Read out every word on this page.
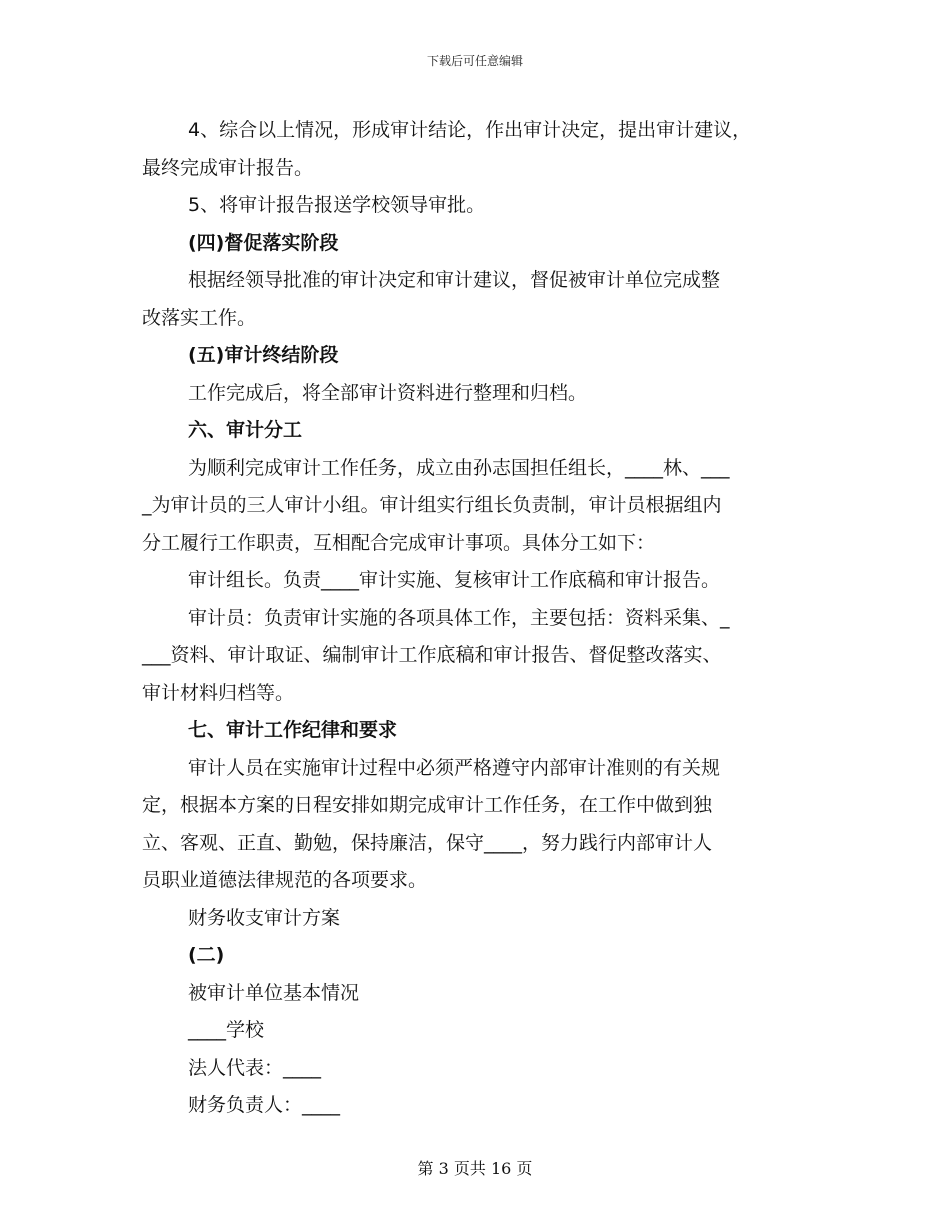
下载后可任意编辑
4、综合以上情况，形成审计结论，作出审计决定，提出审计建议，
最终完成审计报告。
5、将审计报告报送学校领导审批。
(四)督促落实阶段
根据经领导批准的审计决定和审计建议，督促被审计单位完成整
改落实工作。
(五)审计终结阶段
工作完成后，将全部审计资料进行整理和归档。
六、审计分工
为顺利完成审计工作任务，成立由孙志国担任组长，____林、___
_为审计员的三人审计小组。审计组实行组长负责制，审计员根据组内
分工履行工作职责，互相配合完成审计事项。具体分工如下：
审计组长。负责____审计实施、复核审计工作底稿和审计报告。
审计员：负责审计实施的各项具体工作，主要包括：资料采集、_
___资料、审计取证、编制审计工作底稿和审计报告、督促整改落实、
审计材料归档等。
七、审计工作纪律和要求
审计人员在实施审计过程中必须严格遵守内部审计准则的有关规
定，根据本方案的日程安排如期完成审计工作任务，在工作中做到独
立、客观、正直、勤勉，保持廉洁，保守____，努力践行内部审计人
员职业道德法律规范的各项要求。
财务收支审计方案
(二)
被审计单位基本情况
____学校
法人代表：____
财务负责人：____
第 3 页共 16 页
